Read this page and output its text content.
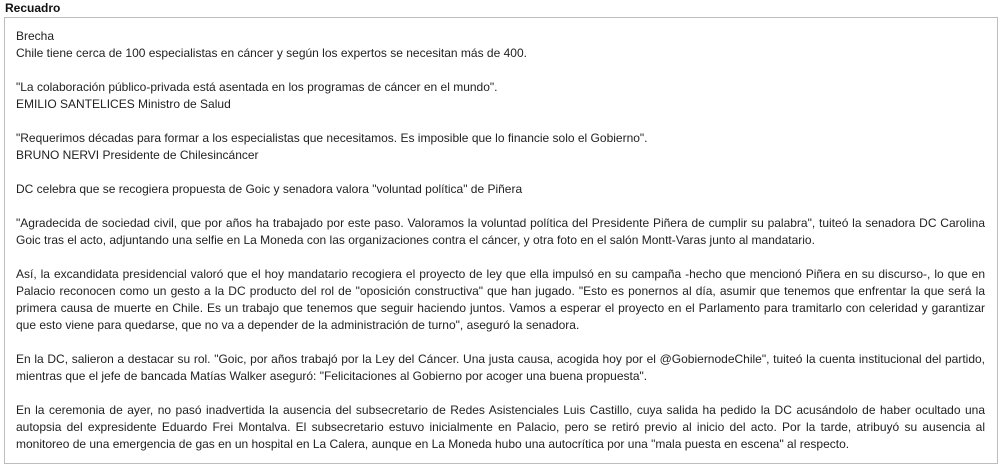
Recuadro

Brecha
Chile tiene cerca de 100 especialistas en cáncer y según los expertos se necesitan más de 400.

"La colaboración público-privada está asentada en los programas de cáncer en el mundo".
EMILIO SANTELICES Ministro de Salud

"Requerimos décadas para formar a los especialistas que necesitamos. Es imposible que lo financie solo el Gobierno".
BRUNO NERVI Presidente de Chilesincáncer

DC celebra que se recogiera propuesta de Goic y senadora valora "voluntad política" de Piñera

"Agradecida de sociedad civil, que por años ha trabajado por este paso. Valoramos la voluntad política del Presidente Piñera de cumplir su palabra", tuiteó la senadora DC Carolina Goic tras el acto, adjuntando una selfie en La Moneda con las organizaciones contra el cáncer, y otra foto en el salón Montt-Varas junto al mandatario.

Así, la excandidata presidencial valoró que el hoy mandatario recogiera el proyecto de ley que ella impulsó en su campaña -hecho que mencionó Piñera en su discurso-, lo que en Palacio reconocen como un gesto a la DC producto del rol de "oposición constructiva" que han jugado. "Esto es ponernos al día, asumir que tenemos que enfrentar la que será la primera causa de muerte en Chile. Es un trabajo que tenemos que seguir haciendo juntos. Vamos a esperar el proyecto en el Parlamento para tramitarlo con celeridad y garantizar que esto viene para quedarse, que no va a depender de la administración de turno", aseguró la senadora.

En la DC, salieron a destacar su rol. "Goic, por años trabajó por la Ley del Cáncer. Una justa causa, acogida hoy por el @GobiernodeChile", tuiteó la cuenta institucional del partido, mientras que el jefe de bancada Matías Walker aseguró: "Felicitaciones al Gobierno por acoger una buena propuesta".

En la ceremonia de ayer, no pasó inadvertida la ausencia del subsecretario de Redes Asistenciales Luis Castillo, cuya salida ha pedido la DC acusándolo de haber ocultado una autopsia del expresidente Eduardo Frei Montalva. El subsecretario estuvo inicialmente en Palacio, pero se retiró previo al inicio del acto. Por la tarde, atribuyó su ausencia al monitoreo de una emergencia de gas en un hospital en La Calera, aunque en La Moneda hubo una autocrítica por una "mala puesta en escena" al respecto.
